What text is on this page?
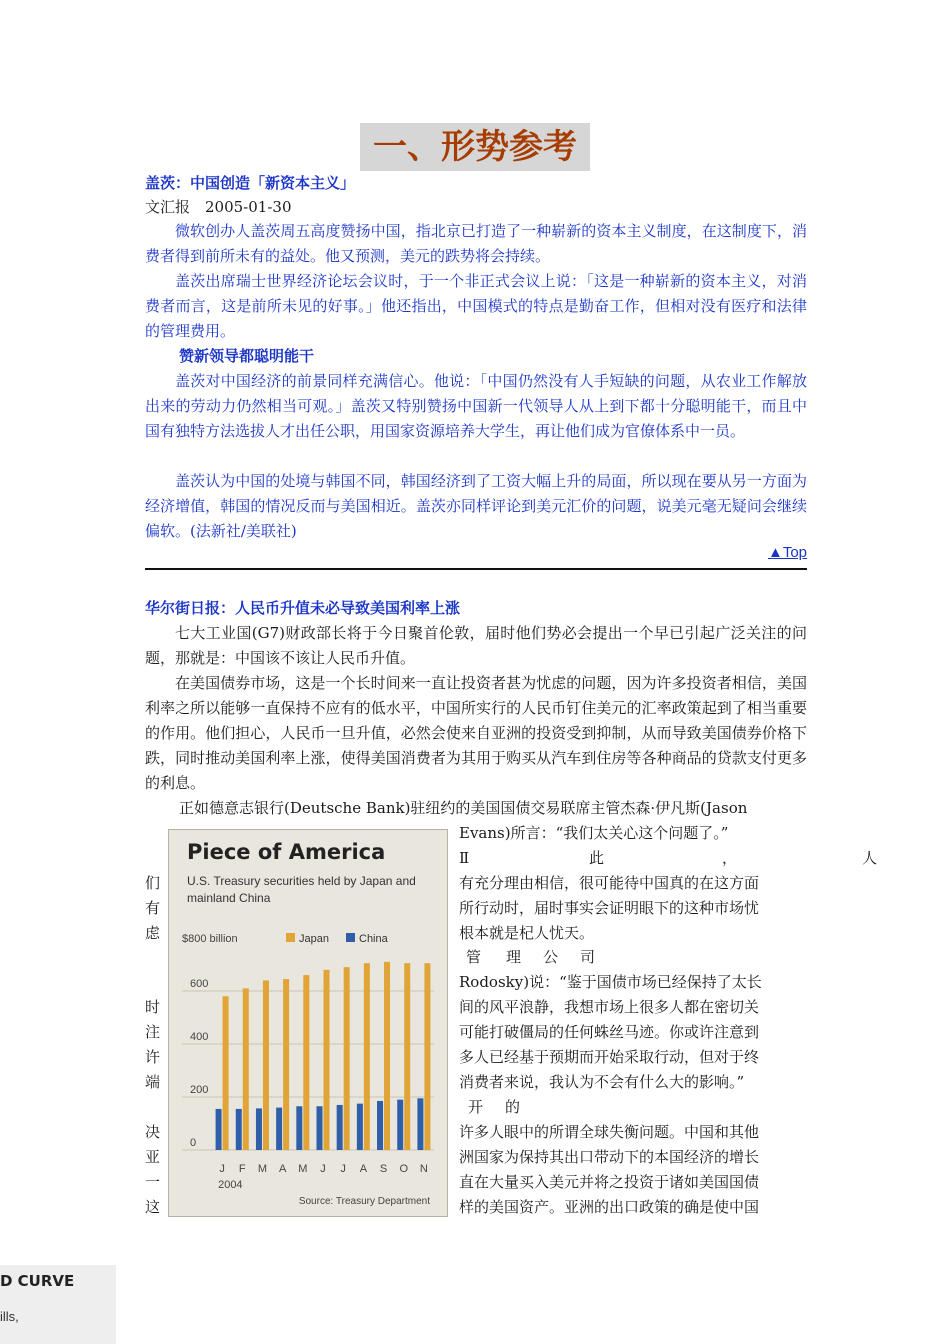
一、形势参考
盖茨：中国创造「新资本主义」
文汇报　2005-01-30

微软创办人盖茨周五高度赞扬中国，指北京已打造了一种崭新的资本主义制度，在这制度下，消费者得到前所未有的益处。他又预测，美元的跌势将会持续。

盖茨出席瑞士世界经济论坛会议时，于一个非正式会议上说：「这是一种崭新的资本主义，对消费者而言，这是前所未见的好事。」他还指出，中国模式的特点是勤奋工作，但相对没有医疗和法律的管理费用。

赞新领导都聪明能干

盖茨对中国经济的前景同样充满信心。他说：「中国仍然没有人手短缺的问题，从农业工作解放出来的劳动力仍然相当可观。」盖茨又特别赞扬中国新一代领导人从上到下都十分聪明能干，而且中国有独特方法选拔人才出任公职，用国家资源培养大学生，再让他们成为官僚体系中一员。

盖茨认为中国的处境与韩国不同，韩国经济到了工资大幅上升的局面，所以现在要从另一方面为经济增值，韩国的情况反而与美国相近。盖茨亦同样评论到美元汇价的问题，说美元毫无疑问会继续偏软。(法新社/美联社)

▲Top
华尔街日报：人民币升值未必导致美国利率上涨

七大工业国(G7)财政部长将于今日聚首伦敦，届时他们势必会提出一个早已引起广泛关注的问题，那就是：中国该不该让人民币升值。

在美国债券市场，这是一个长时间来一直让投资者甚为忧虑的问题，因为许多投资者相信，美国利率之所以能够一直保持不应有的低水平，中国所实行的人民币钉住美元的汇率政策起到了相当重要的作用。他们担心，人民币一旦升值，必然会使来自亚洲的投资受到抑制，从而导致美国债券价格下跌，同时推动美国利率上涨，使得美国消费者为其用于购买从汽车到住房等各种商品的贷款支付更多的利息。

正如德意志银行(Deutsche Bank)驻纽约的美国国债交易联席主管杰森·伊凡斯(Jason
Evans)所言：“我们太关心这个问题了。”
Ⅱ	此	，	人
有充分理由相信，很可能待中国真的在这方面
所行动时，届时事实会证明眼下的这种市场忧
根本就是杞人忧天。
管 理 公 司
Rodosky)说：“鉴于国债市场已经保持了太长
间的风平浪静，我想市场上很多人都在密切关
可能打破僵局的任何蛛丝马迹。你或许注意到
多人已经基于预期而开始采取行动，但对于终
消费者来说，我认为不会有什么大的影响。”
开 的
许多人眼中的所谓全球失衡问题。中国和其他
洲国家为保持其出口带动下的本国经济的增长
直在大量买入美元并将之投资于诸如美国国债
样的美国资产。亚洲的出口政策的确是使中国
们
有
虑
时
注
许
端
决
亚
一
这
Piece of America
U.S. Treasury securities held by Japan and
mainland China
0
200
400
600
$800 billion	Japan	China
J F M A M J J A S O N
2004
Source: Treasury Department
D CURVE
ills,
